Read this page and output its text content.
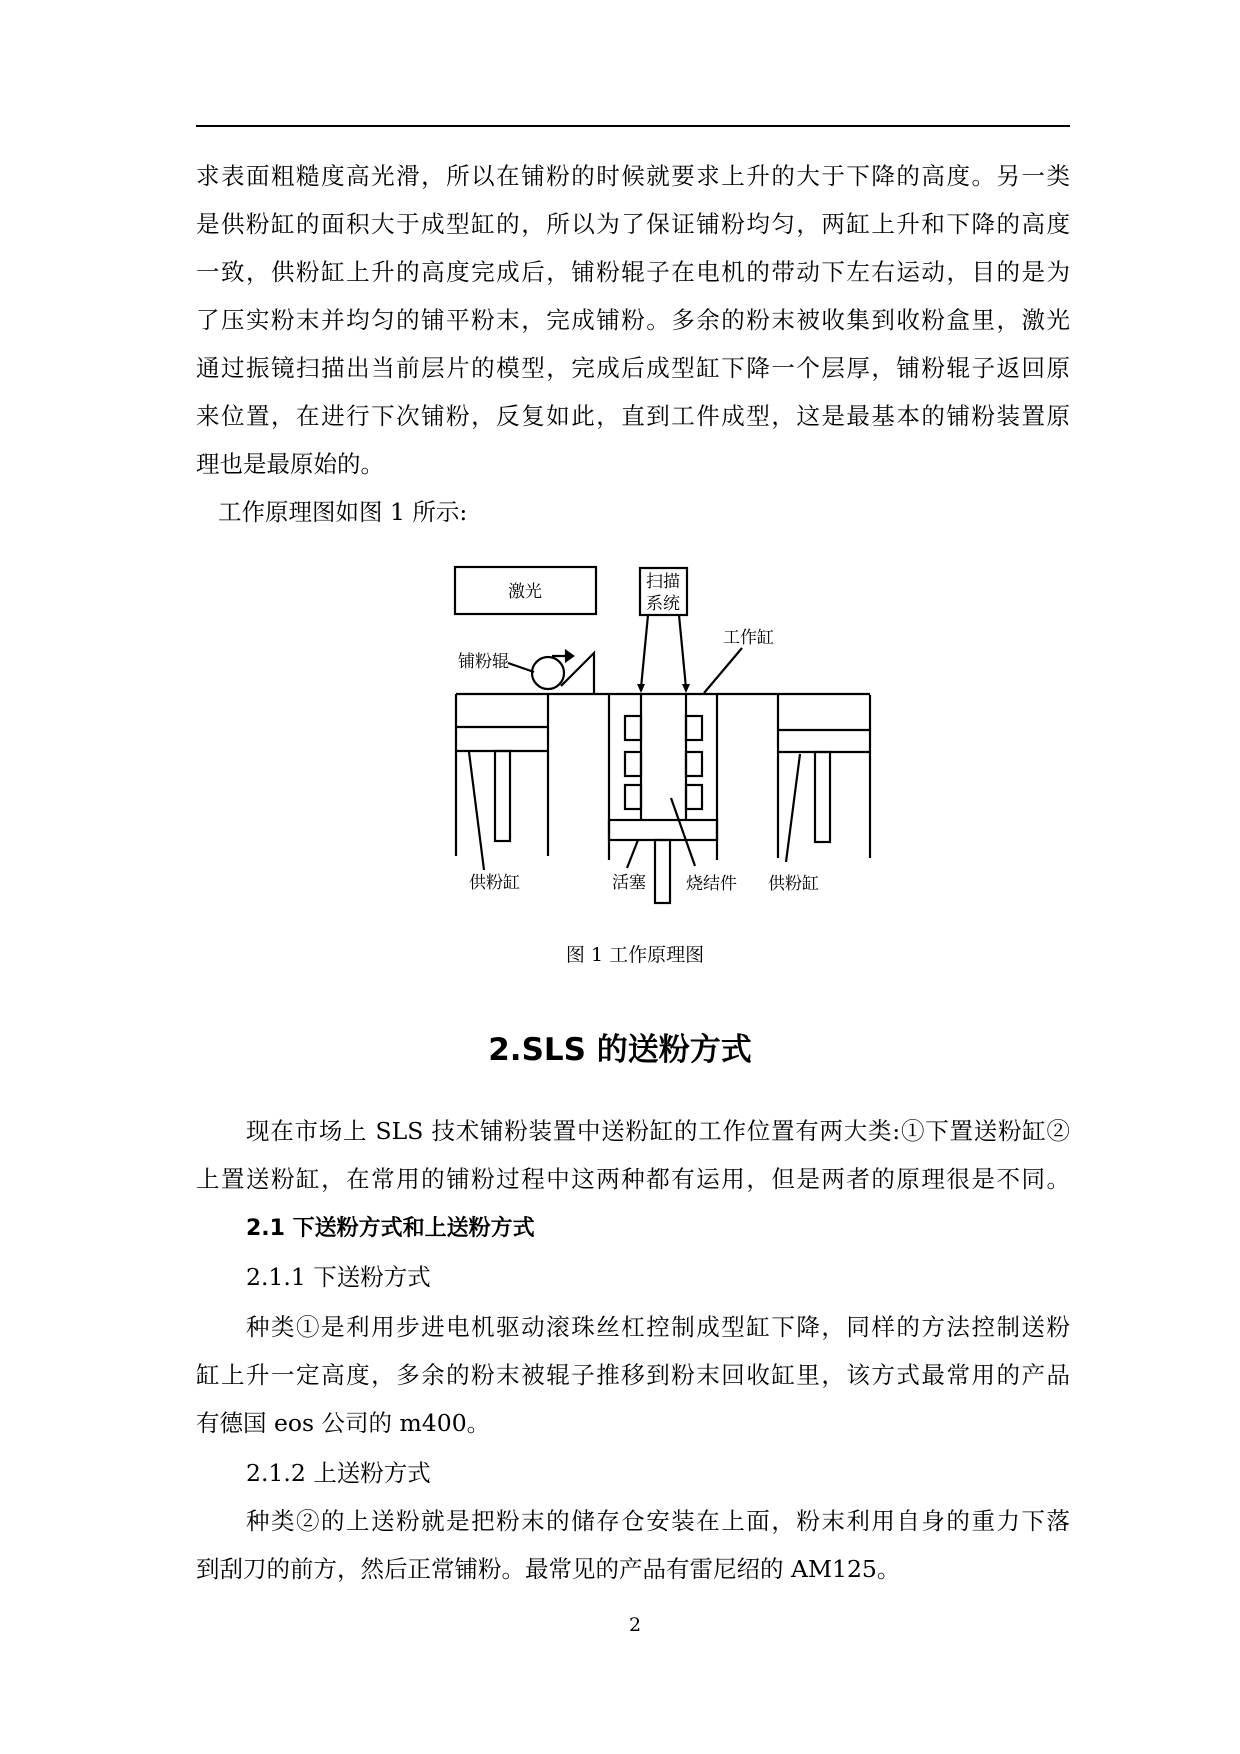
求表面粗糙度高光滑，所以在铺粉的时候就要求上升的大于下降的高度。另一类
是供粉缸的面积大于成型缸的，所以为了保证铺粉均匀，两缸上升和下降的高度
一致，供粉缸上升的高度完成后，铺粉辊子在电机的带动下左右运动，目的是为
了压实粉末并均匀的铺平粉末，完成铺粉。多余的粉末被收集到收粉盒里，激光
通过振镜扫描出当前层片的模型，完成后成型缸下降一个层厚，铺粉辊子返回原
来位置，在进行下次铺粉，反复如此，直到工件成型，这是最基本的铺粉装置原
理也是最原始的。
工作原理图如图 1 所示:
激光	扫描
系统
工作缸
铺粉辊
供粉缸	活塞 烧结件 供粉缸
图 1 工作原理图
2.SLS 的送粉方式
现在市场上 SLS 技术铺粉装置中送粉缸的工作位置有两大类:①下置送粉缸②
上置送粉缸，在常用的铺粉过程中这两种都有运用，但是两者的原理很是不同。
2.1 下送粉方式和上送粉方式
2.1.1 下送粉方式
种类①是利用步进电机驱动滚珠丝杠控制成型缸下降，同样的方法控制送粉
缸上升一定高度，多余的粉末被辊子推移到粉末回收缸里，该方式最常用的产品
有德国 eos 公司的 m400。
2.1.2 上送粉方式
种类②的上送粉就是把粉末的储存仓安装在上面，粉末利用自身的重力下落
到刮刀的前方，然后正常铺粉。最常见的产品有雷尼绍的 AM125。
2
